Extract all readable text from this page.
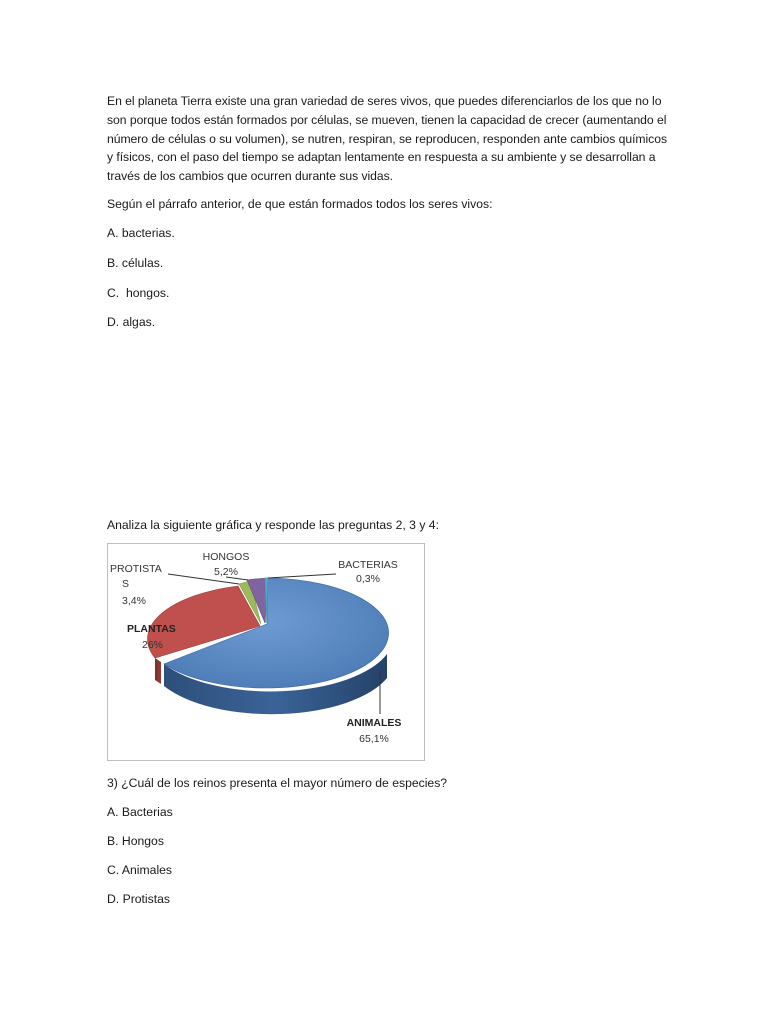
En el planeta Tierra existe una gran variedad de seres vivos, que puedes diferenciarlos de los que no lo son porque todos están formados por células, se mueven, tienen la capacidad de crecer (aumentando el número de células o su volumen), se nutren, respiran, se reproducen, responden ante cambios químicos y físicos, con el paso del tiempo se adaptan lentamente en respuesta a su ambiente y se desarrollan a través de los cambios que ocurren durante sus vidas.

Según el párrafo anterior, de que están formados todos los seres vivos:

A. bacterias.

B. células.

C.  hongos.

D. algas.

Analiza la siguiente gráfica y responde las preguntas 2, 3 y 4:

HONGOS
5,2%
PROTISTA
S
3,4%
BACTERIAS
0,3%
PLANTAS
26%
ANIMALES
65,1%

3) ¿Cuál de los reinos presenta el mayor número de especies?

A. Bacterias

B. Hongos

C. Animales

D. Protistas
